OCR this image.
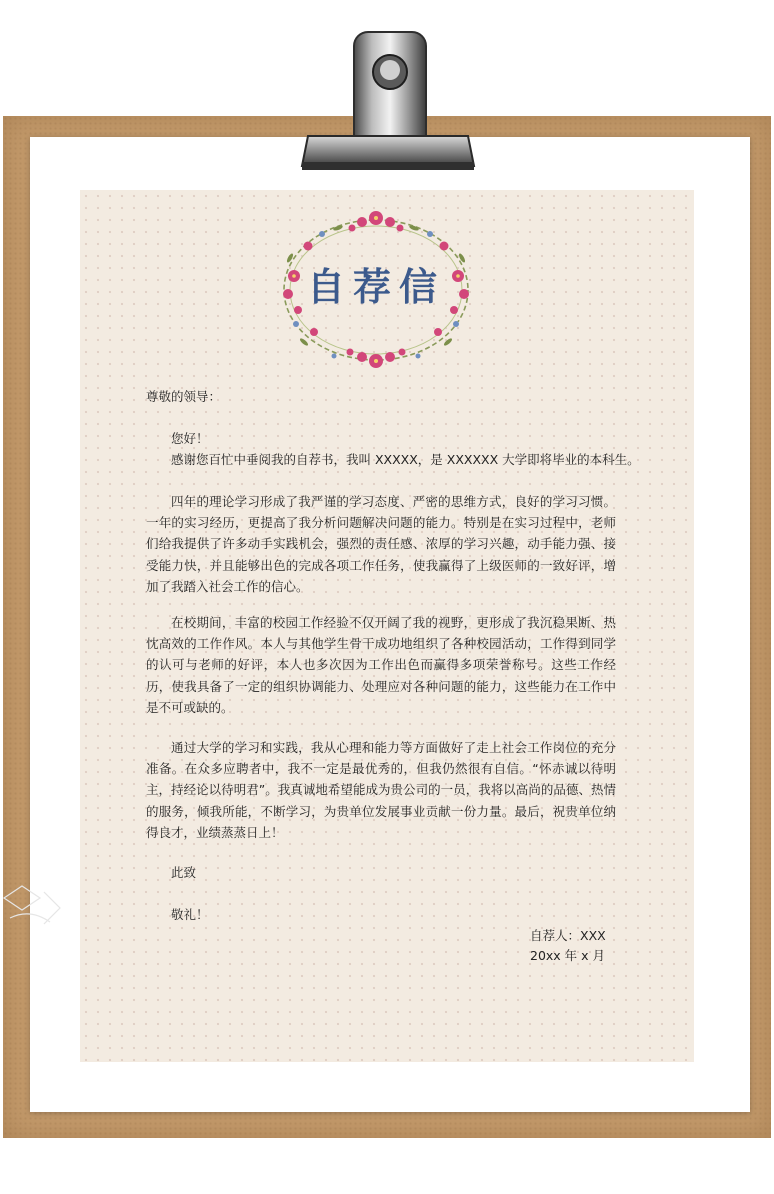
自荐信
尊敬的领导：
您好！
感谢您百忙中垂阅我的自荐书，我叫 XXXXX，是 XXXXXX 大学即将毕业的本科生。

四年的理论学习形成了我严谨的学习态度、严密的思维方式，良好的学习习惯。一年的实习经历，更提高了我分析问题解决问题的能力。特别是在实习过程中，老师们给我提供了许多动手实践机会，强烈的责任感、浓厚的学习兴趣，动手能力强、接受能力快，并且能够出色的完成各项工作任务，使我赢得了上级医师的一致好评，增加了我踏入社会工作的信心。

在校期间，丰富的校园工作经验不仅开阔了我的视野，更形成了我沉稳果断、热忱高效的工作作风。本人与其他学生骨干成功地组织了各种校园活动，工作得到同学的认可与老师的好评，本人也多次因为工作出色而赢得多项荣誉称号。这些工作经历，使我具备了一定的组织协调能力、处理应对各种问题的能力，这些能力在工作中是不可或缺的。

通过大学的学习和实践，我从心理和能力等方面做好了走上社会工作岗位的充分准备。在众多应聘者中，我不一定是最优秀的，但我仍然很有自信。“怀赤诚以待明主，持经论以待明君”。我真诚地希望能成为贵公司的一员，我将以高尚的品德、热情的服务，倾我所能，不断学习，为贵单位发展事业贡献一份力量。最后，祝贵单位纳得良才，业绩蒸蒸日上！

此致
敬礼！
自荐人：XXX
20xx 年 x 月
